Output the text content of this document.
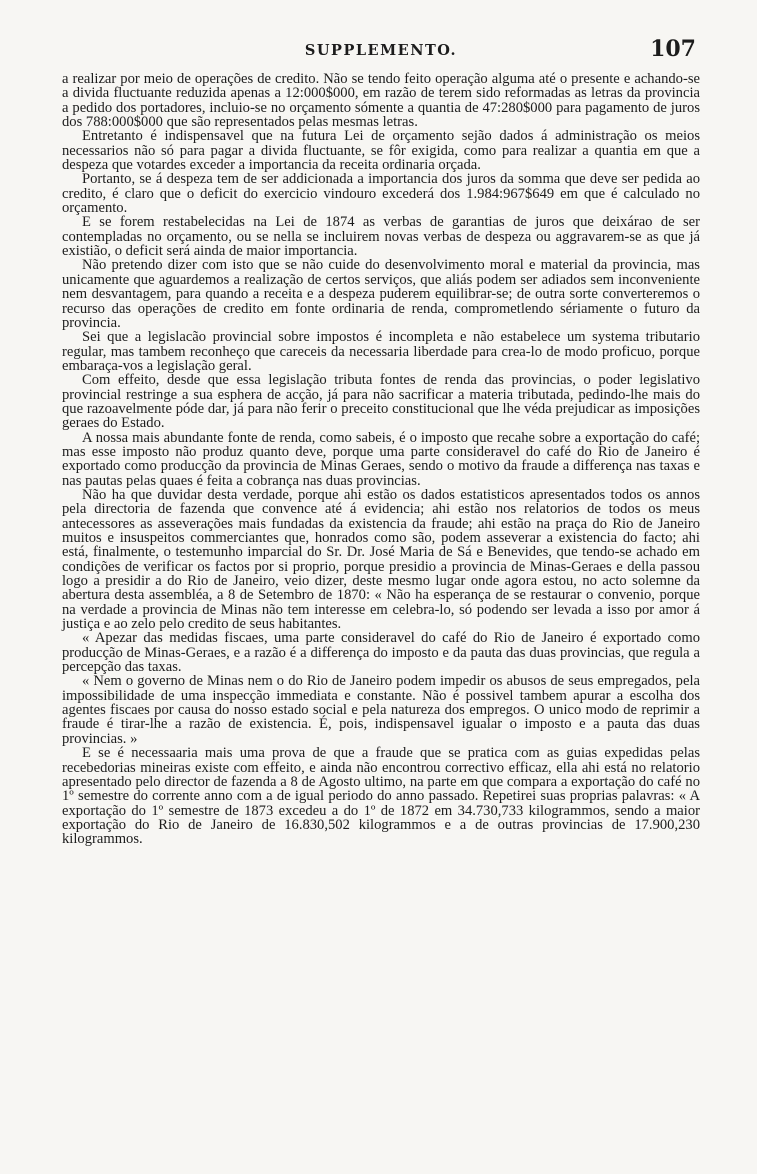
SUPPLEMENTO.	107

a realizar por meio de operações de credito. Não se tendo feito operação alguma até o presente e achando-se a divida fluctuante reduzida apenas a 12:000$000, em razão de terem sido reformadas as letras da provincia a pedido dos portadores, incluio-se no orçamento sómente a quantia de 47:280$000 para pagamento de juros dos 788:000$000 que são representados pelas mesmas letras.

Entretanto é indispensavel que na futura Lei de orçamento sejão dados á administração os meios necessarios não só para pagar a divida fluctuante, se fôr exigida, como para realizar a quantia em que a despeza que votardes exceder a importancia da receita ordinaria orçada.

Portanto, se á despeza tem de ser addicionada a importancia dos juros da somma que deve ser pedida ao credito, é claro que o deficit do exercicio vindouro excederá dos 1.984:967$649 em que é calculado no orçamento.

E se forem restabelecidas na Lei de 1874 as verbas de garantias de juros que deixárao de ser contempladas no orçamento, ou se nella se incluirem novas verbas de despeza ou aggravarem-se as que já existião, o deficit será ainda de maior importancia.

Não pretendo dizer com isto que se não cuide do desenvolvimento moral e material da provincia, mas unicamente que aguardemos a realização de certos serviços, que aliás podem ser adiados sem inconveniente nem desvantagem, para quando a receita e a despeza puderem equilibrar-se; de outra sorte converteremos o recurso das operações de credito em fonte ordinaria de renda, comprometlendo sériamente o futuro da provincia.

Sei que a legislacão provincial sobre impostos é incompleta e não estabelece um systema tributario regular, mas tambem reconheço que careceis da necessaria liberdade para crea-lo de modo proficuo, porque embaraça-vos a legislação geral.

Com effeito, desde que essa legislação tributa fontes de renda das provincias, o poder legislativo provincial restringe a sua esphera de acção, já para não sacrificar a materia tributada, pedindo-lhe mais do que razoavelmente póde dar, já para não ferir o preceito constitucional que lhe véda prejudicar as imposições geraes do Estado.

A nossa mais abundante fonte de renda, como sabeis, é o imposto que recahe sobre a exportação do café; mas esse imposto não produz quanto deve, porque uma parte consideravel do café do Rio de Janeiro é exportado como producção da provincia de Minas Geraes, sendo o motivo da fraude a differença nas taxas e nas pautas pelas quaes é feita a cobrança nas duas provincias.

Não ha que duvidar desta verdade, porque ahi estão os dados estatisticos apresentados todos os annos pela directoria de fazenda que convence até á evidencia; ahi estão nos relatorios de todos os meus antecessores as asseverações mais fundadas da existencia da fraude; ahi estão na praça do Rio de Janeiro muitos e insuspeitos commerciantes que, honrados como são, podem asseverar a existencia do facto; ahi está, finalmente, o testemunho imparcial do Sr. Dr. José Maria de Sá e Benevides, que tendo-se achado em condições de verificar os factos por si proprio, porque presidio a provincia de Minas-Geraes e della passou logo a presidir a do Rio de Janeiro, veio dizer, deste mesmo lugar onde agora estou, no acto solemne da abertura desta assembléa, a 8 de Setembro de 1870: « Não ha esperança de se restaurar o convenio, porque na verdade a provincia de Minas não tem interesse em celebra-lo, só podendo ser levada a isso por amor á justiça e ao zelo pelo credito de seus habitantes.

« Apezar das medidas fiscaes, uma parte consideravel do café do Rio de Janeiro é exportado como producção de Minas-Geraes, e a razão é a differença do imposto e da pauta das duas provincias, que regula a percepção das taxas.

« Nem o governo de Minas nem o do Rio de Janeiro podem impedir os abusos de seus empregados, pela impossibilidade de uma inspecção immediata e constante. Não é possivel tambem apurar a escolha dos agentes fiscaes por causa do nosso estado social e pela natureza dos empregos. O unico modo de reprimir a fraude é tirar-lhe a razão de existencia. É, pois, indispensavel igualar o imposto e a pauta das duas provincias. »

E se é necessaaria mais uma prova de que a fraude que se pratica com as guias expedidas pelas recebedorias mineiras existe com effeito, e ainda não encontrou correctivo efficaz, ella ahi está no relatorio apresentado pelo director de fazenda a 8 de Agosto ultimo, na parte em que compara a exportação do café no 1º semestre do corrente anno com a de igual periodo do anno passado. Repetirei suas proprias palavras: « A exportação do 1º semestre de 1873 excedeu a do 1º de 1872 em 34.730,733 kilogrammos, sendo a maior exportação do Rio de Janeiro de 16.830,502 kilogrammos e a de outras provincias de 17.900,230 kilogrammos.
